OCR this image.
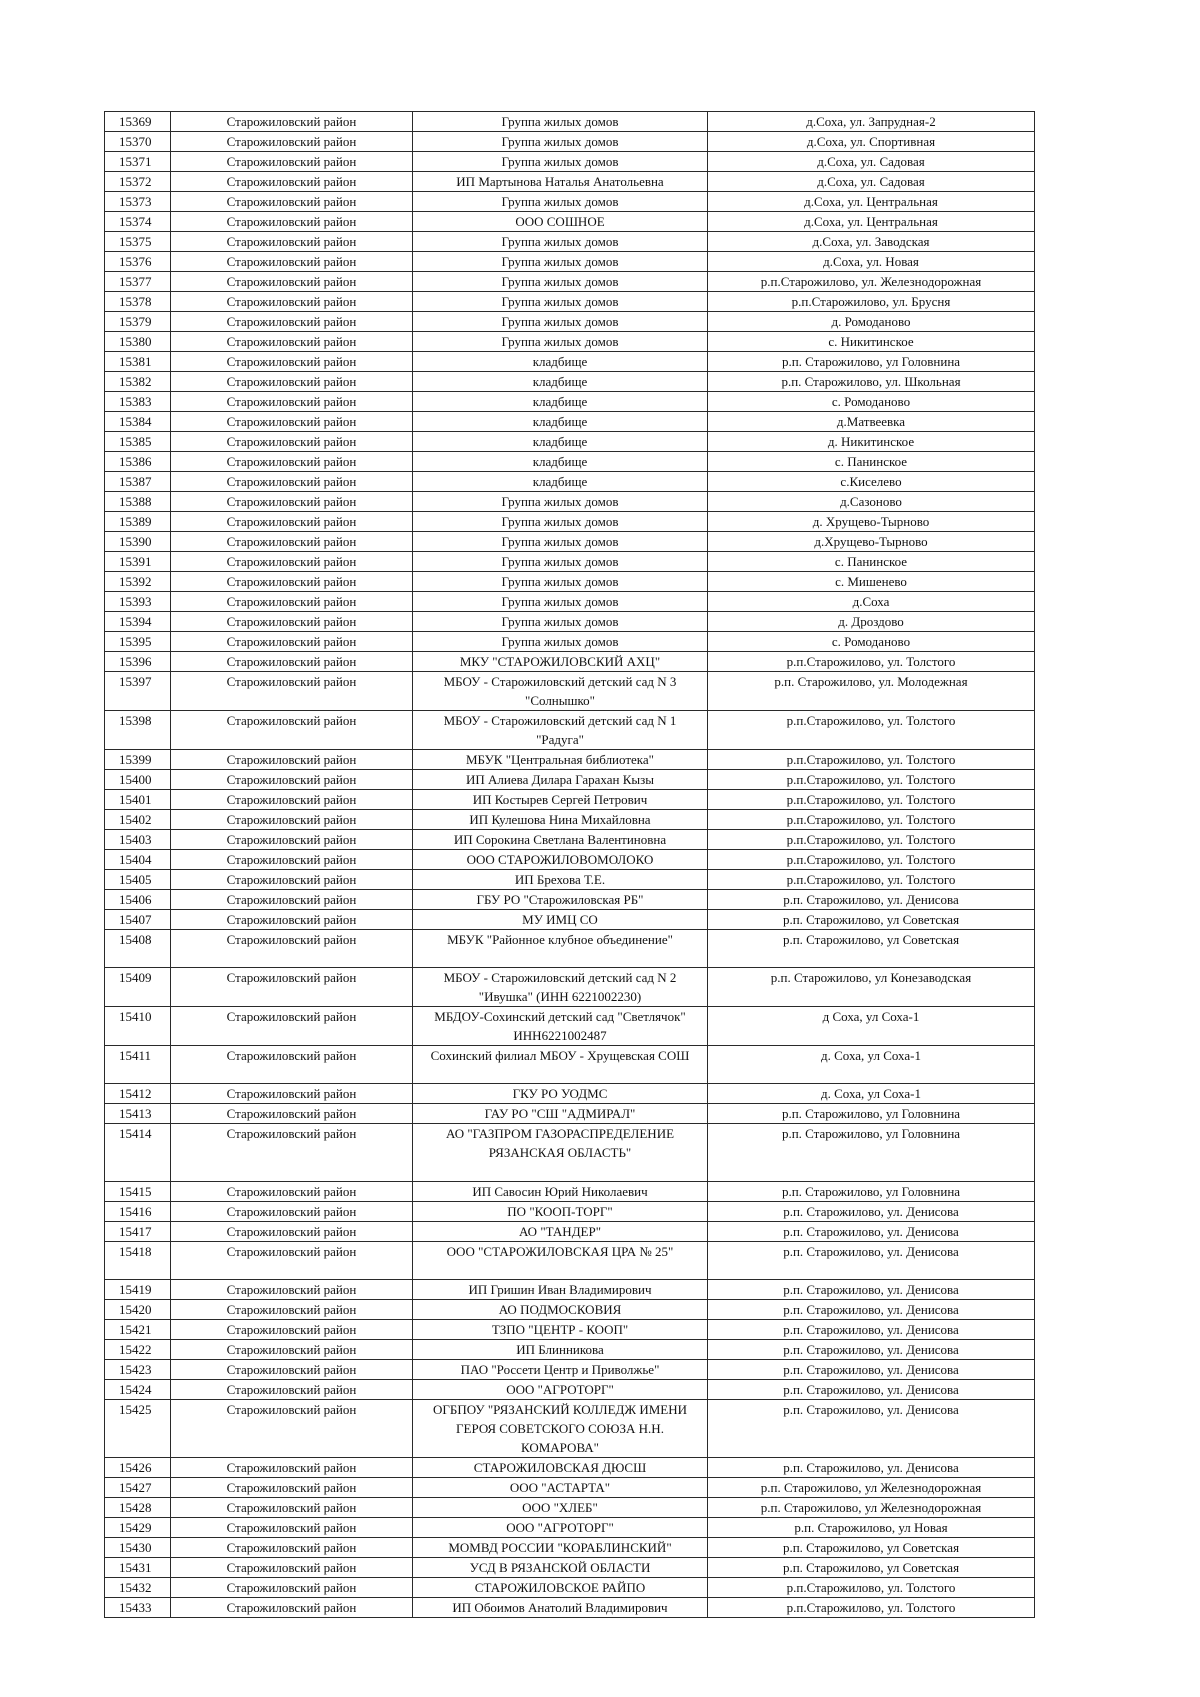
15369	Старожиловский район	Группа жилых домов	д.Соха, ул. Запрудная-2
15370	Старожиловский район	Группа жилых домов	д.Соха, ул. Спортивная
15371	Старожиловский район	Группа жилых домов	д.Соха, ул. Садовая
15372	Старожиловский район	ИП Мартынова Наталья Анатольевна	д.Соха, ул. Садовая
15373	Старожиловский район	Группа жилых домов	д.Соха, ул. Центральная
15374	Старожиловский район	ООО СОШНОЕ	д.Соха, ул. Центральная
15375	Старожиловский район	Группа жилых домов	д.Соха, ул. Заводская
15376	Старожиловский район	Группа жилых домов	д.Соха, ул. Новая
15377	Старожиловский район	Группа жилых домов	р.п.Старожилово, ул. Железнодорожная
15378	Старожиловский район	Группа жилых домов	р.п.Старожилово, ул. Брусня
15379	Старожиловский район	Группа жилых домов	д. Ромоданово
15380	Старожиловский район	Группа жилых домов	с. Никитинское
15381	Старожиловский район	кладбище	р.п. Старожилово, ул Головнина
15382	Старожиловский район	кладбище	р.п. Старожилово, ул. Школьная
15383	Старожиловский район	кладбище	с. Ромоданово
15384	Старожиловский район	кладбище	д.Матвеевка
15385	Старожиловский район	кладбище	д. Никитинское
15386	Старожиловский район	кладбище	с. Панинское
15387	Старожиловский район	кладбище	с.Киселево
15388	Старожиловский район	Группа жилых домов	д.Сазоново
15389	Старожиловский район	Группа жилых домов	д. Хрущево-Тырново
15390	Старожиловский район	Группа жилых домов	д.Хрущево-Тырново
15391	Старожиловский район	Группа жилых домов	с. Панинское
15392	Старожиловский район	Группа жилых домов	с. Мишенево
15393	Старожиловский район	Группа жилых домов	д.Соха
15394	Старожиловский район	Группа жилых домов	д. Дроздово
15395	Старожиловский район	Группа жилых домов	с. Ромоданово
15396	Старожиловский район	МКУ "СТАРОЖИЛОВСКИЙ АХЦ"	р.п.Старожилово, ул. Толстого
15397	Старожиловский район	МБОУ - Старожиловский детский сад N 3 "Солнышко"	р.п. Старожилово, ул. Молодежная
15398	Старожиловский район	МБОУ - Старожиловский детский сад N 1 "Радуга"	р.п.Старожилово, ул. Толстого
15399	Старожиловский район	МБУК "Центральная библиотека"	р.п.Старожилово, ул. Толстого
15400	Старожиловский район	ИП Алиева Дилара Гарахан Кызы	р.п.Старожилово, ул. Толстого
15401	Старожиловский район	ИП Костырев Сергей Петрович	р.п.Старожилово, ул. Толстого
15402	Старожиловский район	ИП Кулешова Нина Михайловна	р.п.Старожилово, ул. Толстого
15403	Старожиловский район	ИП Сорокина Светлана Валентиновна	р.п.Старожилово, ул. Толстого
15404	Старожиловский район	ООО СТАРОЖИЛОВОМОЛОКО	р.п.Старожилово, ул. Толстого
15405	Старожиловский район	ИП Брехова Т.Е.	р.п.Старожилово, ул. Толстого
15406	Старожиловский район	ГБУ РО "Старожиловская РБ"	р.п. Старожилово, ул. Денисова
15407	Старожиловский район	МУ ИМЦ СО	р.п. Старожилово, ул Советская
15408	Старожиловский район	МБУК "Районное клубное объединение"	р.п. Старожилово, ул Советская
15409	Старожиловский район	МБОУ - Старожиловский детский сад N 2 "Ивушка" (ИНН 6221002230)	р.п. Старожилово, ул Конезаводская
15410	Старожиловский район	МБДОУ-Сохинский детский сад "Светлячок" ИНН6221002487	д Соха, ул Соха-1
15411	Старожиловский район	Сохинский филиал МБОУ - Хрущевская СОШ	д. Соха, ул Соха-1
15412	Старожиловский район	ГКУ РО УОДМС	д. Соха, ул Соха-1
15413	Старожиловский район	ГАУ РО "СШ "АДМИРАЛ"	р.п. Старожилово, ул Головнина
15414	Старожиловский район	АО "ГАЗПРОМ ГАЗОРАСПРЕДЕЛЕНИЕ РЯЗАНСКАЯ ОБЛАСТЬ"	р.п. Старожилово, ул Головнина
15415	Старожиловский район	ИП Савосин Юрий Николаевич	р.п. Старожилово, ул Головнина
15416	Старожиловский район	ПО "КООП-ТОРГ"	р.п. Старожилово, ул. Денисова
15417	Старожиловский район	АО "ТАНДЕР"	р.п. Старожилово, ул. Денисова
15418	Старожиловский район	ООО "СТАРОЖИЛОВСКАЯ ЦРА № 25"	р.п. Старожилово, ул. Денисова
15419	Старожиловский район	ИП Гришин Иван Владимирович	р.п. Старожилово, ул. Денисова
15420	Старожиловский район	АО ПОДМОСКОВИЯ	р.п. Старожилово, ул. Денисова
15421	Старожиловский район	ТЗПО "ЦЕНТР - КООП"	р.п. Старожилово, ул. Денисова
15422	Старожиловский район	ИП Блинникова	р.п. Старожилово, ул. Денисова
15423	Старожиловский район	ПАО "Россети Центр и Приволжье"	р.п. Старожилово, ул. Денисова
15424	Старожиловский район	ООО "АГРОТОРГ"	р.п. Старожилово, ул. Денисова
15425	Старожиловский район	ОГБПОУ "РЯЗАНСКИЙ КОЛЛЕДЖ ИМЕНИ ГЕРОЯ СОВЕТСКОГО СОЮЗА Н.Н. КОМАРОВА"	р.п. Старожилово, ул. Денисова
15426	Старожиловский район	СТАРОЖИЛОВСКАЯ ДЮСШ	р.п. Старожилово, ул. Денисова
15427	Старожиловский район	ООО "АСТАРТА"	р.п. Старожилово, ул Железнодорожная
15428	Старожиловский район	ООО "ХЛЕБ"	р.п. Старожилово, ул Железнодорожная
15429	Старожиловский район	ООО "АГРОТОРГ"	р.п. Старожилово, ул Новая
15430	Старожиловский район	МОМВД РОССИИ "КОРАБЛИНСКИЙ"	р.п. Старожилово, ул Советская
15431	Старожиловский район	УСД В РЯЗАНСКОЙ ОБЛАСТИ	р.п. Старожилово, ул Советская
15432	Старожиловский район	СТАРОЖИЛОВСКОЕ РАЙПО	р.п.Старожилово, ул. Толстого
15433	Старожиловский район	ИП Обоимов Анатолий Владимирович	р.п.Старожилово, ул. Толстого
